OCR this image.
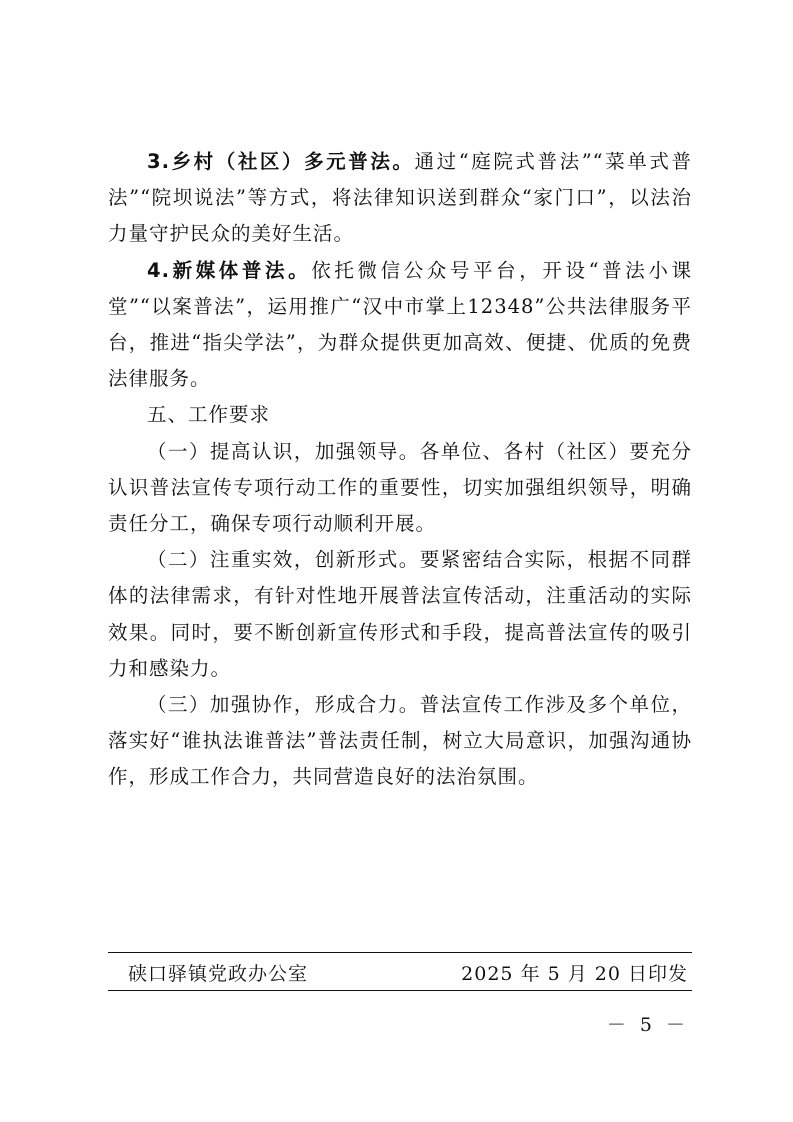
3.乡村（社区）多元普法。通过“庭院式普法”“菜单式普法”“院坝说法”等方式，将法律知识送到群众“家门口”，以法治力量守护民众的美好生活。

4.新媒体普法。依托微信公众号平台，开设“普法小课堂”“以案普法”，运用推广“汉中市掌上12348”公共法律服务平台，推进“指尖学法”，为群众提供更加高效、便捷、优质的免费法律服务。

五、工作要求

（一）提高认识，加强领导。各单位、各村（社区）要充分认识普法宣传专项行动工作的重要性，切实加强组织领导，明确责任分工，确保专项行动顺利开展。

（二）注重实效，创新形式。要紧密结合实际，根据不同群体的法律需求，有针对性地开展普法宣传活动，注重活动的实际效果。同时，要不断创新宣传形式和手段，提高普法宣传的吸引力和感染力。

（三）加强协作，形成合力。普法宣传工作涉及多个单位，落实好“谁执法谁普法”普法责任制，树立大局意识，加强沟通协作，形成工作合力，共同营造良好的法治氛围。

硖口驿镇党政办公室	2025 年 5 月 20 日印发
－ 5 －
